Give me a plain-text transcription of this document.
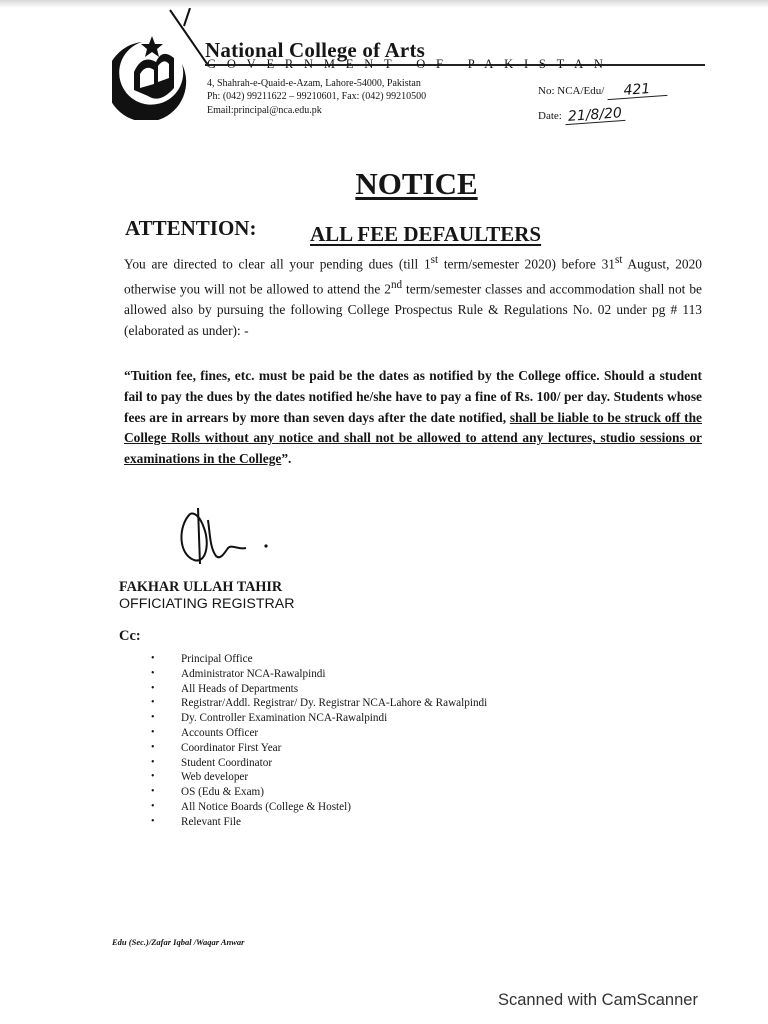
National College of Arts
GOVERNMENT OF PAKISTAN
4, Shahrah-e-Quaid-e-Azam, Lahore-54000, Pakistan
Ph: (042) 99211622 – 99210601, Fax: (042) 99210500
Email:principal@nca.edu.pk
No: NCA/Edu/ 421
Date: 21/8/20
NOTICE
ATTENTION:	ALL FEE DEFAULTERS

You are directed to clear all your pending dues (till 1st term/semester 2020) before 31st August, 2020 otherwise you will not be allowed to attend the 2nd term/semester classes and accommodation shall not be allowed also by pursuing the following College Prospectus Rule & Regulations No. 02 under pg # 113 (elaborated as under): -

“Tuition fee, fines, etc. must be paid be the dates as notified by the College office. Should a student fail to pay the dues by the dates notified he/she have to pay a fine of Rs. 100/ per day. Students whose fees are in arrears by more than seven days after the date notified, shall be liable to be struck off the College Rolls without any notice and shall not be allowed to attend any lectures, studio sessions or examinations in the College”.

FAKHAR ULLAH TAHIR
OFFICIATING REGISTRAR
Cc:
• Principal Office
• Administrator NCA-Rawalpindi
• All Heads of Departments
• Registrar/Addl. Registrar/ Dy. Registrar NCA-Lahore & Rawalpindi
• Dy. Controller Examination NCA-Rawalpindi
• Accounts Officer
• Coordinator First Year
• Student Coordinator
• Web developer
• OS (Edu & Exam)
• All Notice Boards (College & Hostel)
• Relevant File
Edu (Sec.)/Zafar Iqbal /Waqar Anwar
Scanned with CamScanner
